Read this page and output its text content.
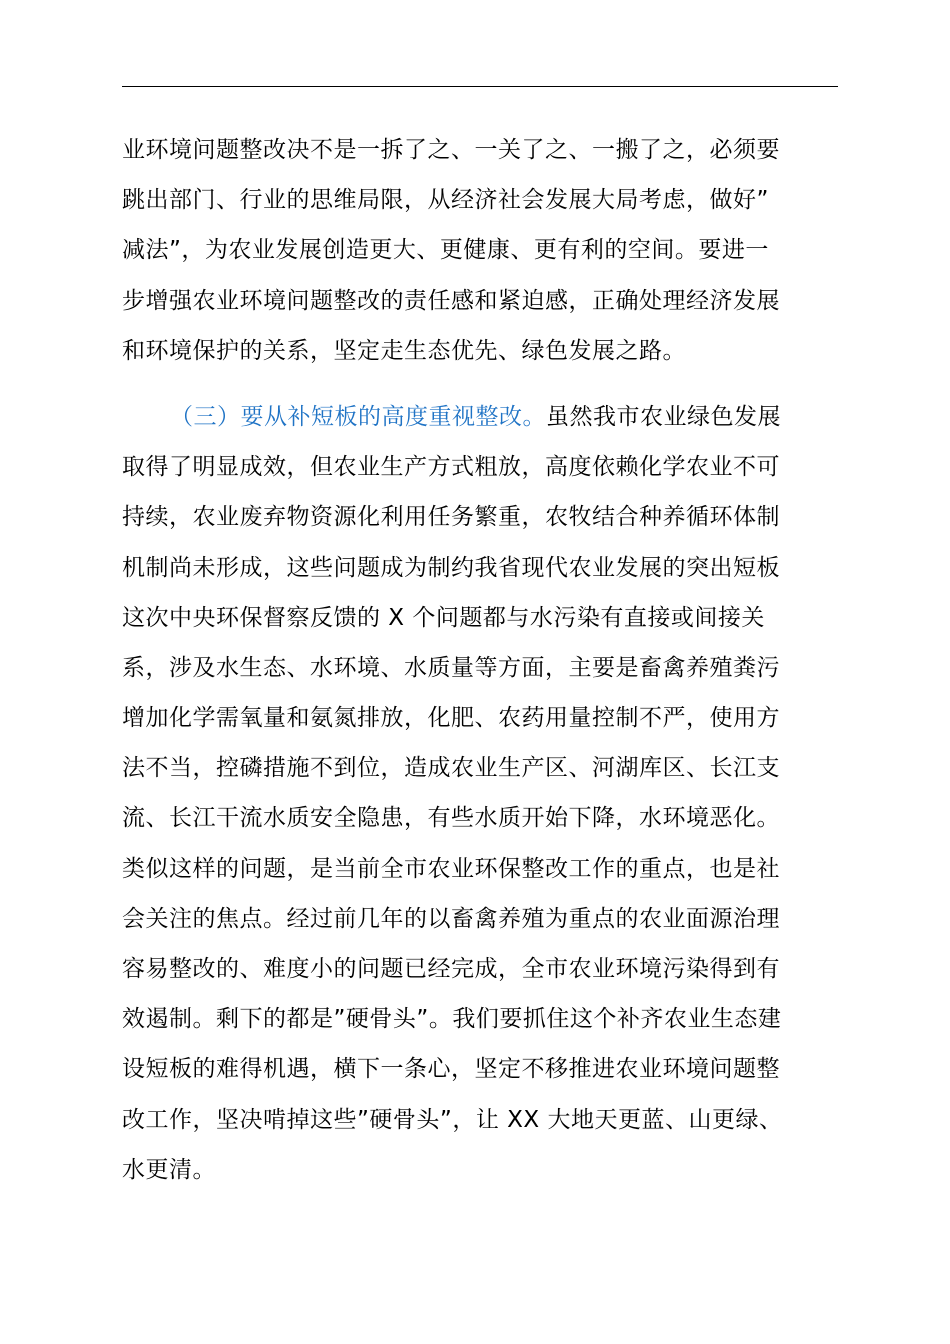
业环境问题整改决不是一拆了之、一关了之、一搬了之，必须要
跳出部门、行业的思维局限，从经济社会发展大局考虑，做好”
减法”，为农业发展创造更大、更健康、更有利的空间。要进一
步增强农业环境问题整改的责任感和紧迫感，正确处理经济发展
和环境保护的关系，坚定走生态优先、绿色发展之路。
（三）要从补短板的高度重视整改。虽然我市农业绿色发展
取得了明显成效，但农业生产方式粗放，高度依赖化学农业不可
持续，农业废弃物资源化利用任务繁重，农牧结合种养循环体制
机制尚未形成，这些问题成为制约我省现代农业发展的突出短板
这次中央环保督察反馈的 X 个问题都与水污染有直接或间接关
系，涉及水生态、水环境、水质量等方面，主要是畜禽养殖粪污
增加化学需氧量和氨氮排放，化肥、农药用量控制不严，使用方
法不当，控磷措施不到位，造成农业生产区、河湖库区、长江支
流、长江干流水质安全隐患，有些水质开始下降，水环境恶化。
类似这样的问题，是当前全市农业环保整改工作的重点，也是社
会关注的焦点。经过前几年的以畜禽养殖为重点的农业面源治理
容易整改的、难度小的问题已经完成，全市农业环境污染得到有
效遏制。剩下的都是”硬骨头”。我们要抓住这个补齐农业生态建
设短板的难得机遇，横下一条心，坚定不移推进农业环境问题整
改工作，坚决啃掉这些”硬骨头”，让 XX 大地天更蓝、山更绿、
水更清。
